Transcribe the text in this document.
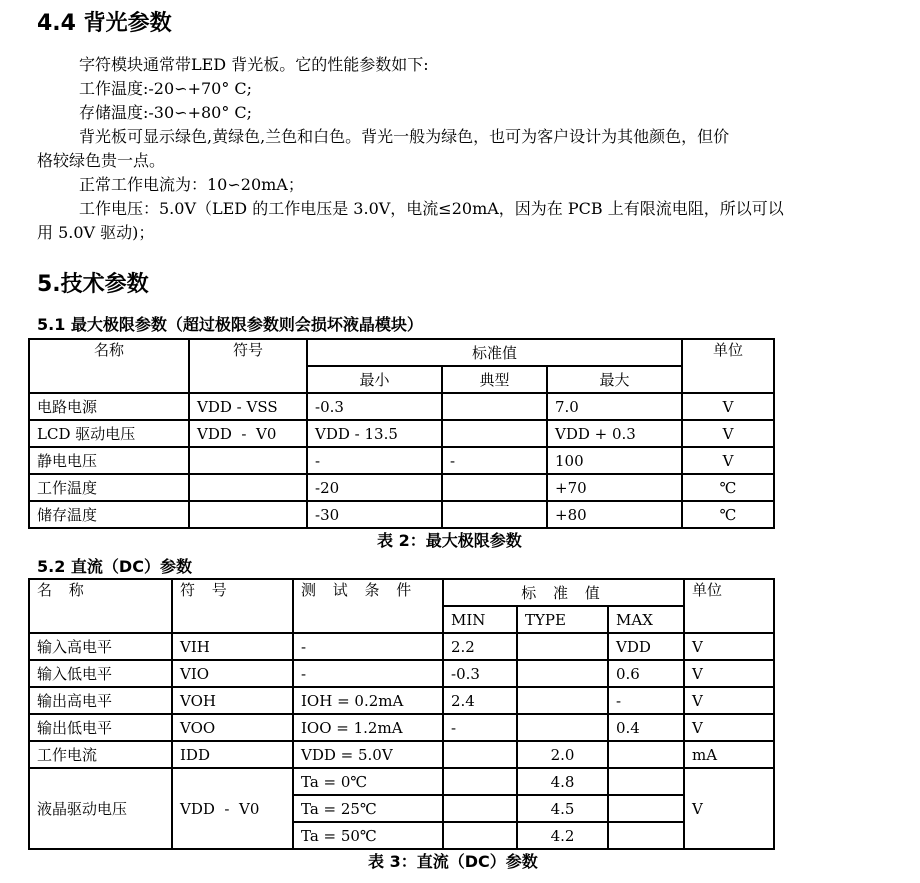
4.4 背光参数
字符模块通常带LED 背光板。它的性能参数如下:
工作温度:-20∽+70° C;
存储温度:-30∽+80° C;
背光板可显示绿色,黄绿色,兰色和白色。背光一般为绿色，也可为客户设计为其他颜色，但价
格较绿色贵一点。
正常工作电流为：10∽20mA；
工作电压：5.0V（LED 的工作电压是 3.0V，电流≤20mA，因为在 PCB 上有限流电阻，所以可以
用 5.0V 驱动)；
5.技术参数
5.1 最大极限参数（超过极限参数则会损坏液晶模块）
名称	符号	标准值			单位
		最小	典型	最大	
电路电源	VDD - VSS	-0.3		7.0	V
LCD 驱动电压	VDD  -  V0	VDD - 13.5		VDD + 0.3	V
静电电压		-	-	100	V
工作温度		-20		+70	℃
储存温度		-30		+80	℃
表 2：最大极限参数
5.2 直流（DC）参数
名 称	符 号	测 试 条 件	标 准 值			单位
			MIN	TYPE	MAX	
输入高电平	VIH	-	2.2		VDD	V
输入低电平	VIO	-	-0.3		0.6	V
输出高电平	VOH	IOH = 0.2mA	2.4		-	V
输出低电平	VOO	IOO = 1.2mA	-		0.4	V
工作电流	IDD	VDD = 5.0V		2.0		mA
液晶驱动电压	VDD  -  V0	Ta = 0℃		4.8		V
		Ta = 25℃		4.5		
		Ta = 50℃		4.2		
表 3：直流（DC）参数
